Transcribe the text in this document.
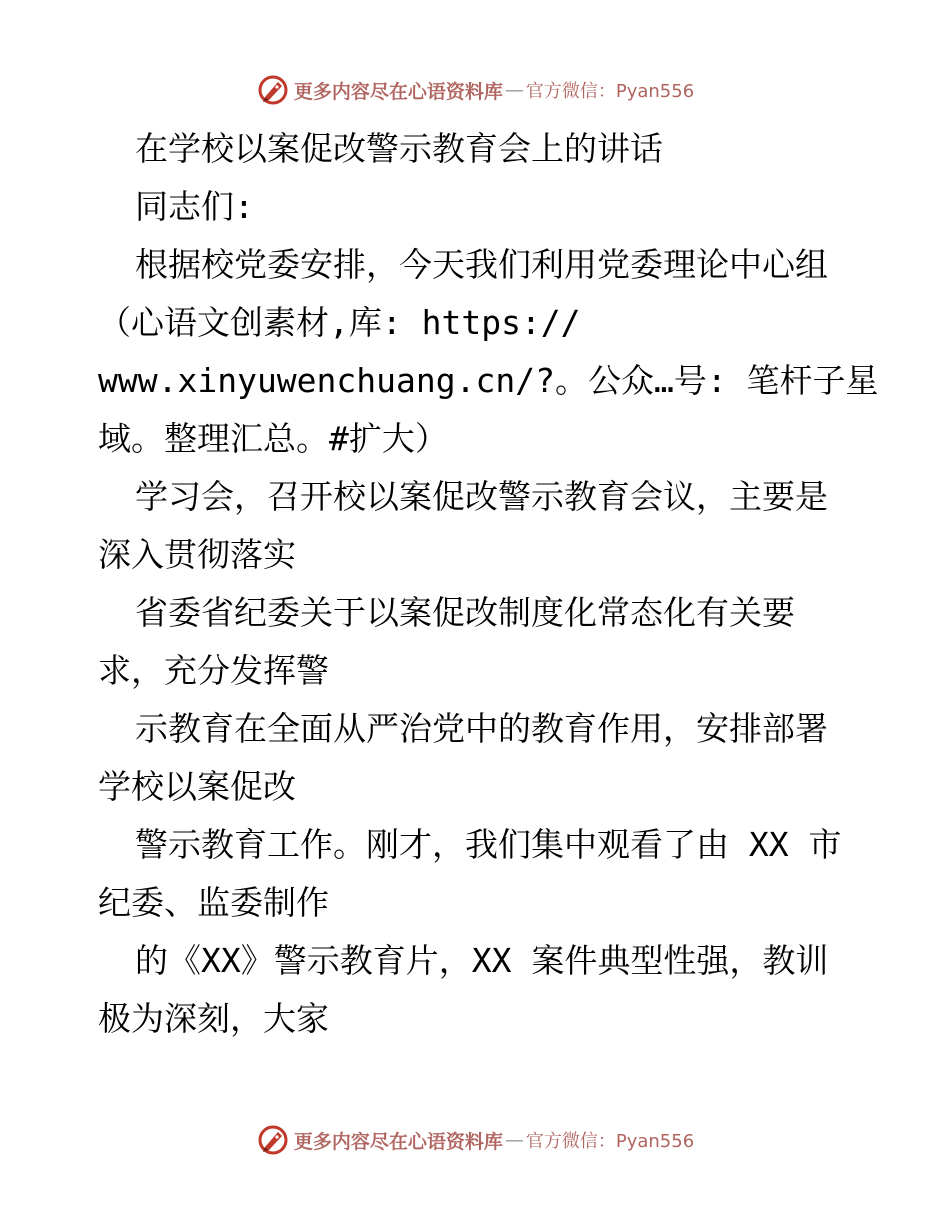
更多内容尽在心语资料库 — 官方微信：Pyan556
在学校以案促改警示教育会上的讲话
同志们:
根据校党委安排，今天我们利用党委理论中心组
（心语文创素材,库: https://
www.xinyuwenchuang.cn/?。公众…号: 笔杆子星
域。整理汇总。#扩大）
学习会，召开校以案促改警示教育会议，主要是
深入贯彻落实
省委省纪委关于以案促改制度化常态化有关要
求，充分发挥警
示教育在全面从严治党中的教育作用，安排部署
学校以案促改
警示教育工作。刚才，我们集中观看了由 XX 市
纪委、监委制作
的《XX》警示教育片，XX 案件典型性强，教训
极为深刻，大家
更多内容尽在心语资料库 — 官方微信：Pyan556
